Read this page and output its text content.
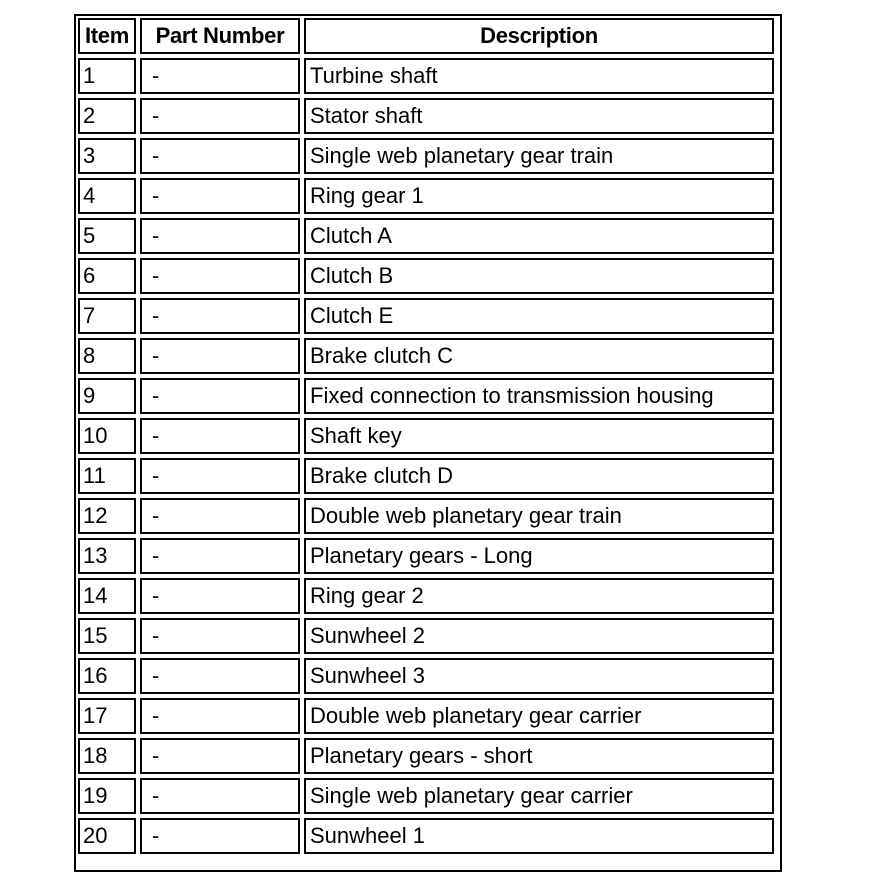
Item	Part Number	Description
1	-	Turbine shaft
2	-	Stator shaft
3	-	Single web planetary gear train
4	-	Ring gear 1
5	-	Clutch A
6	-	Clutch B
7	-	Clutch E
8	-	Brake clutch C
9	-	Fixed connection to transmission housing
10	-	Shaft key
11	-	Brake clutch D
12	-	Double web planetary gear train
13	-	Planetary gears - Long
14	-	Ring gear 2
15	-	Sunwheel 2
16	-	Sunwheel 3
17	-	Double web planetary gear carrier
18	-	Planetary gears - short
19	-	Single web planetary gear carrier
20	-	Sunwheel 1
